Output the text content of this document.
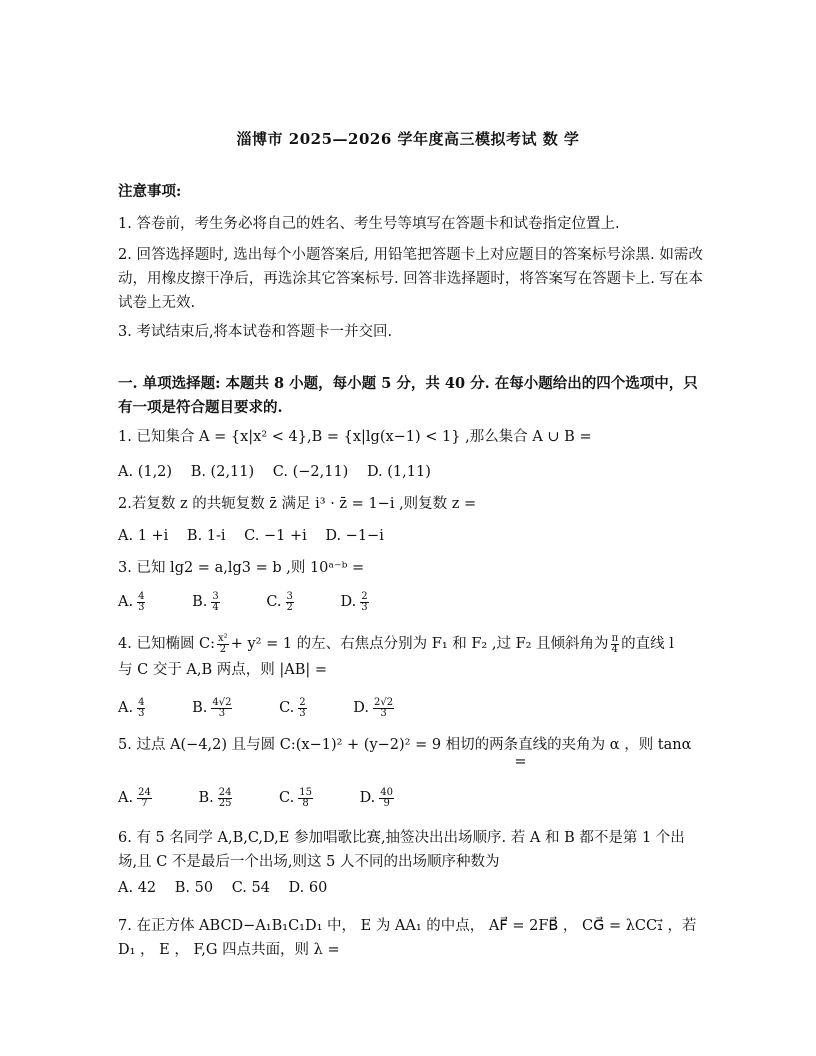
淄博市 2025—2026 学年度高三模拟考试 数 学
注意事项:
1. 答卷前，考生务必将自己的姓名、考生号等填写在答题卡和试卷指定位置上.
2. 回答选择题时, 选出每个小题答案后, 用铅笔把答题卡上对应题目的答案标号涂黑. 如需改动，用橡皮擦干净后，再选涂其它答案标号. 回答非选择题时，将答案写在答题卡上. 写在本试卷上无效.
3. 考试结束后,将本试卷和答题卡一并交回.
一. 单项选择题: 本题共 8 小题，每小题 5 分，共 40 分. 在每小题给出的四个选项中，只有一项是符合题目要求的.
1. 已知集合 A = {x|x² < 4},B = {x|lg(x−1) < 1} ,那么集合 A ∪ B =
A. (1,2) B. (2,11) C. (−2,11) D. (1,11)
2.若复数 z 的共轭复数 z̄ 满足 i³ · z̄ = 1−i ,则复数 z =
A. 1 +i B. 1-i C. −1 +i D. −1−i
3. 已知 lg2 = a,lg3 = b ,则 10ᵃ⁻ᵇ =
A. $\frac{4}{3} B$. $\frac{3}{4} C$. $\frac{3}{2} D$. $\frac{2}{3}$
4. 已知椭圆 C: $\frac{\text{x²}}{2} + y^2 = 1$ 的左、右焦点分别为 F₁ 和 F₂ ,过 F₂ 且倾斜角为 $\frac{\pi}{4}$ 的直线 l
与 C 交于 A,B 两点，则 |AB| =
A. $\frac{4}{3} B$. $\frac{4√2}{3} C$. $\frac{2}{3} D$. $\frac{2√2}{3}$
5. 过点 A(−4,2) 且与圆 C:(x−1)² + (y−2)² = 9 相切的两条直线的夹角为 α ，则 tanα
=
A. $\frac{24}{7} B$. $\frac{24}{25} C$. $\frac{15}{8} D$. $\frac{40}{9}$
6. 有 5 名同学 A,B,C,D,E 参加唱歌比赛,抽签决出出场顺序. 若 A 和 B 都不是第 1 个出场,且 C 不是最后一个出场,则这 5 人不同的出场顺序种数为
A. 42 B. 50 C. 54 D. 60
7. 在正方体 ABCD−A₁B₁C₁D₁ 中， E 为 AA₁ 的中点， AF⃗ = 2FB⃗ ， CG⃗ = λCC₁⃗ ，若 D₁ ， E ， F,G 四点共面，则 λ =
